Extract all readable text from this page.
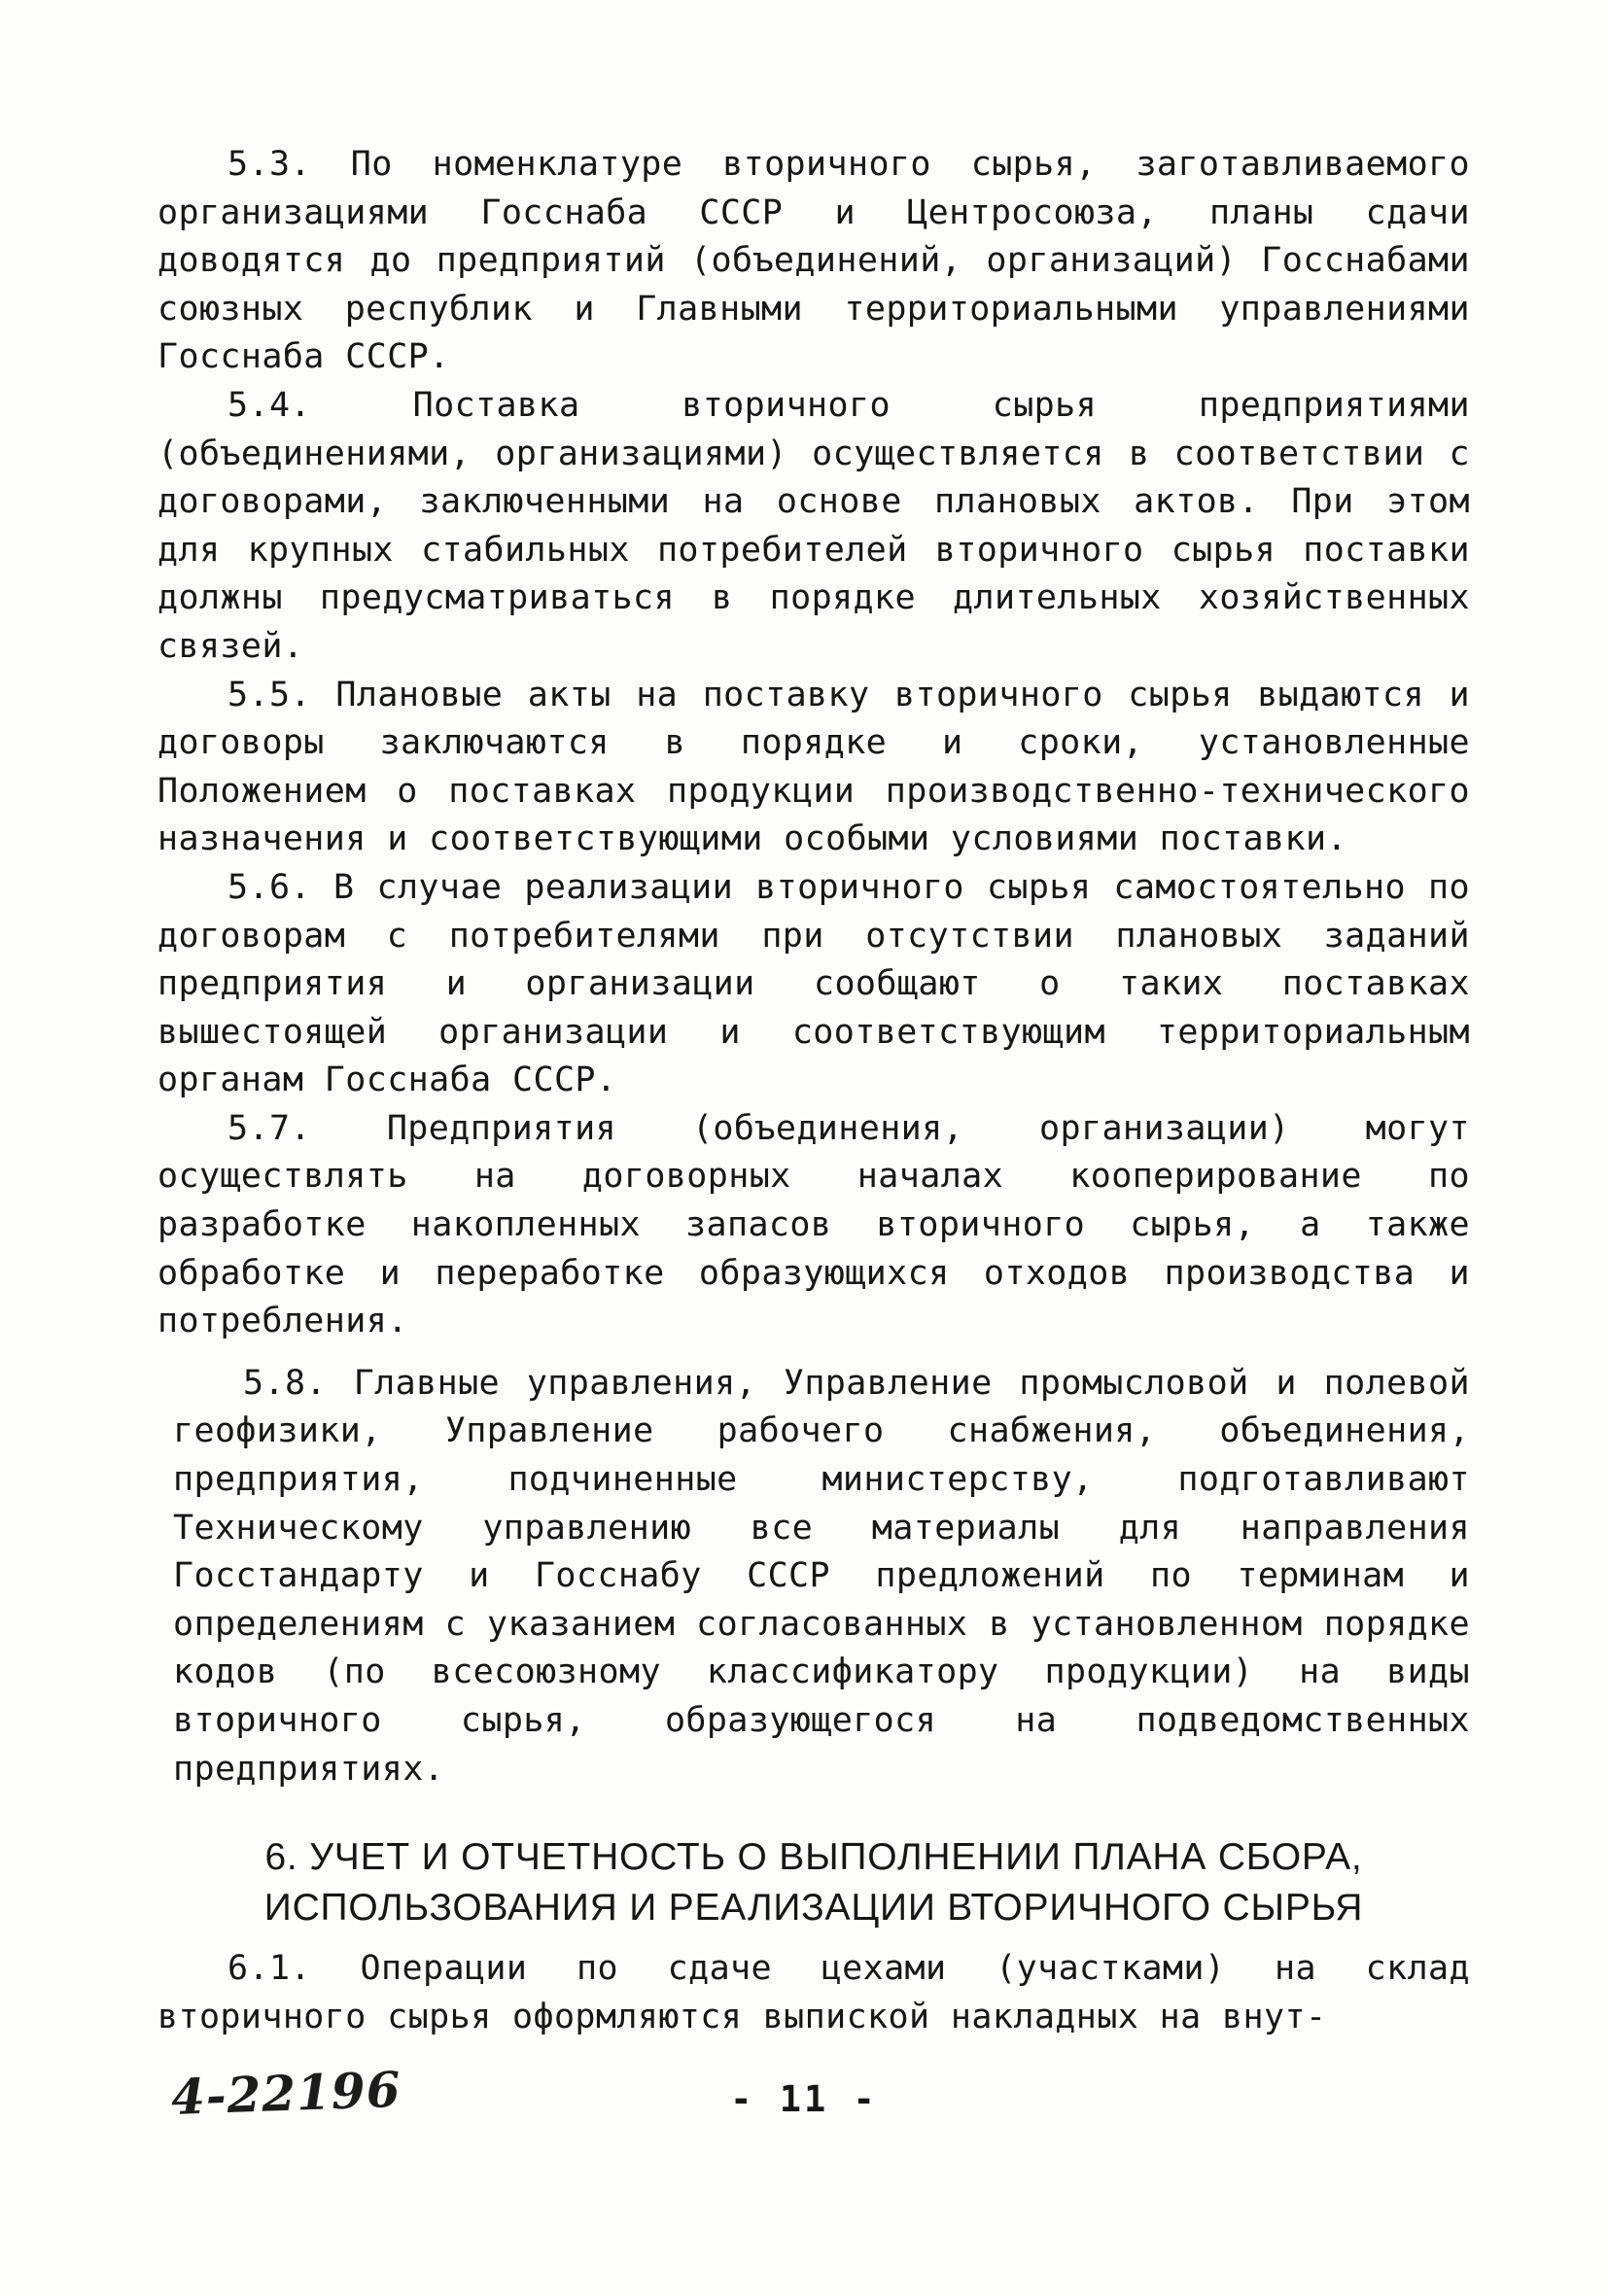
5.3. По номенклатуре вторичного сырья, заготавливаемого организациями Госснаба СССР и Центросоюза, планы сдачи доводятся до предприятий (объединений, организаций) Госснабами союзных республик и Главными территориальными управлениями Госснаба СССР.

5.4. Поставка вторичного сырья предприятиями (объединениями, организациями) осуществляется в соответствии с договорами, заключенными на основе плановых актов. При этом для крупных стабильных потребителей вторичного сырья поставки должны предусматриваться в порядке длительных хозяйственных связей.

5.5. Плановые акты на поставку вторичного сырья выдаются и договоры заключаются в порядке и сроки, установленные Положением о поставках продукции производственно-технического назначения и соответствующими особыми условиями поставки.

5.6. В случае реализации вторичного сырья самостоятельно по договорам с потребителями при отсутствии плановых заданий предприятия и организации сообщают о таких поставках вышестоящей организации и соответствующим территориальным органам Госснаба СССР.

5.7. Предприятия (объединения, организации) могут осуществлять на договорных началах кооперирование по разработке накопленных запасов вторичного сырья, а также обработке и переработке образующихся отходов производства и потребления.

5.8. Главные управления, Управление промысловой и полевой геофизики, Управление рабочего снабжения, объединения, предприятия, подчиненные министерству, подготавливают Техническому управлению все материалы для направления Госстандарту и Госснабу СССР предложений по терминам и определениям с указанием согласованных в установленном порядке кодов (по всесоюзному классификатору продукции) на виды вторичного сырья, образующегося на подведомственных предприятиях.

6. УЧЕТ И ОТЧЕТНОСТЬ О ВЫПОЛНЕНИИ ПЛАНА СБОРА,
ИСПОЛЬЗОВАНИЯ И РЕАЛИЗАЦИИ ВТОРИЧНОГО СЫРЬЯ

6.1. Операции по сдаче цехами (участками) на склад вторичного сырья оформляются выпиской накладных на внут-

- 11 -
4-22196
